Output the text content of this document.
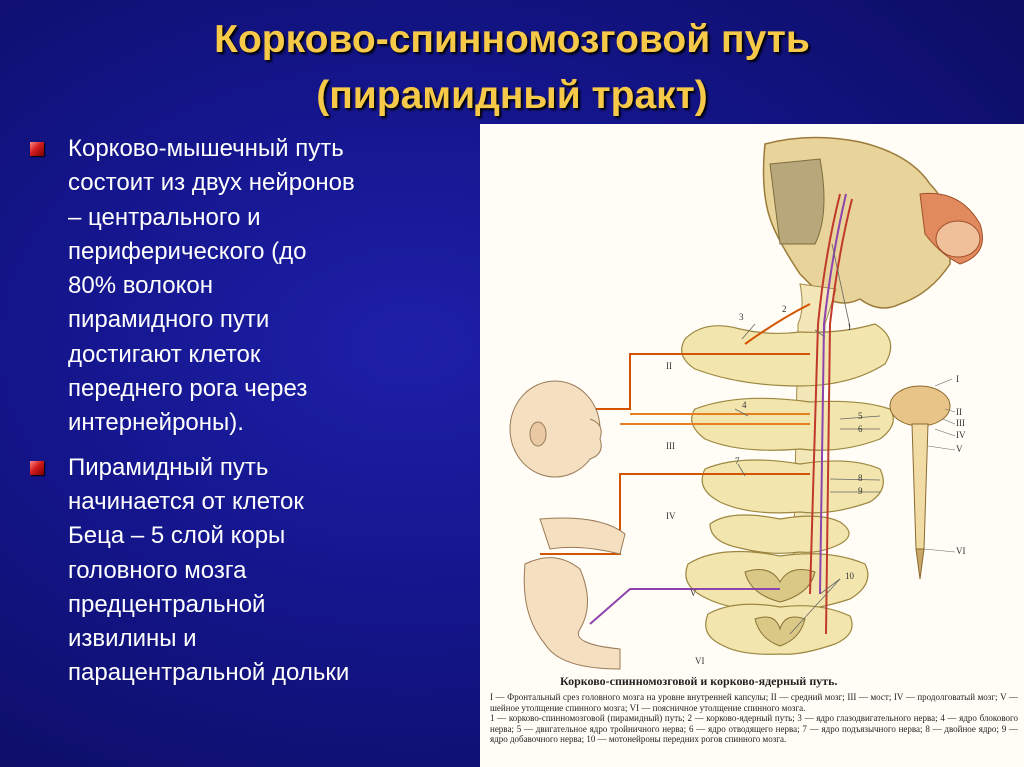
Корково-спинномозговой путь
(пирамидный тракт)
Корково-мышечный путь
состоит из двух нейронов
– центрального и
периферического (до
80% волокон
пирамидного пути
достигают клеток
переднего рога через
интернейроны).
Пирамидный путь
начинается от клеток
Беца – 5 слой коры
головного мозга
предцентральной
извилины и
парацентральной дольки
1
2
3
4
5
6
7
8
9
10
II
III
IV
V
VI
I
II
III
IV
V
VI
Корково-спинномозговой и корково-ядерный путь.
I — Фронтальный срез головного мозга на уровне внутренней капсулы; II — средний мозг; III — мост; IV — продолговатый мозг; V — шейное утолщение спинного мозга; VI — поясничное утолщение спинного мозга.
1 — корково-спинномозговой (пирамидный) путь; 2 — корково-ядерный путь; 3 — ядро глазодвигательного нерва; 4 — ядро блокового нерва; 5 — двигательное ядро тройничного нерва; 6 — ядро отводящего нерва; 7 — ядро подъязычного нерва; 8 — двойное ядро; 9 — ядро добавочного нерва; 10 — мотонейроны передних рогов спинного мозга.
